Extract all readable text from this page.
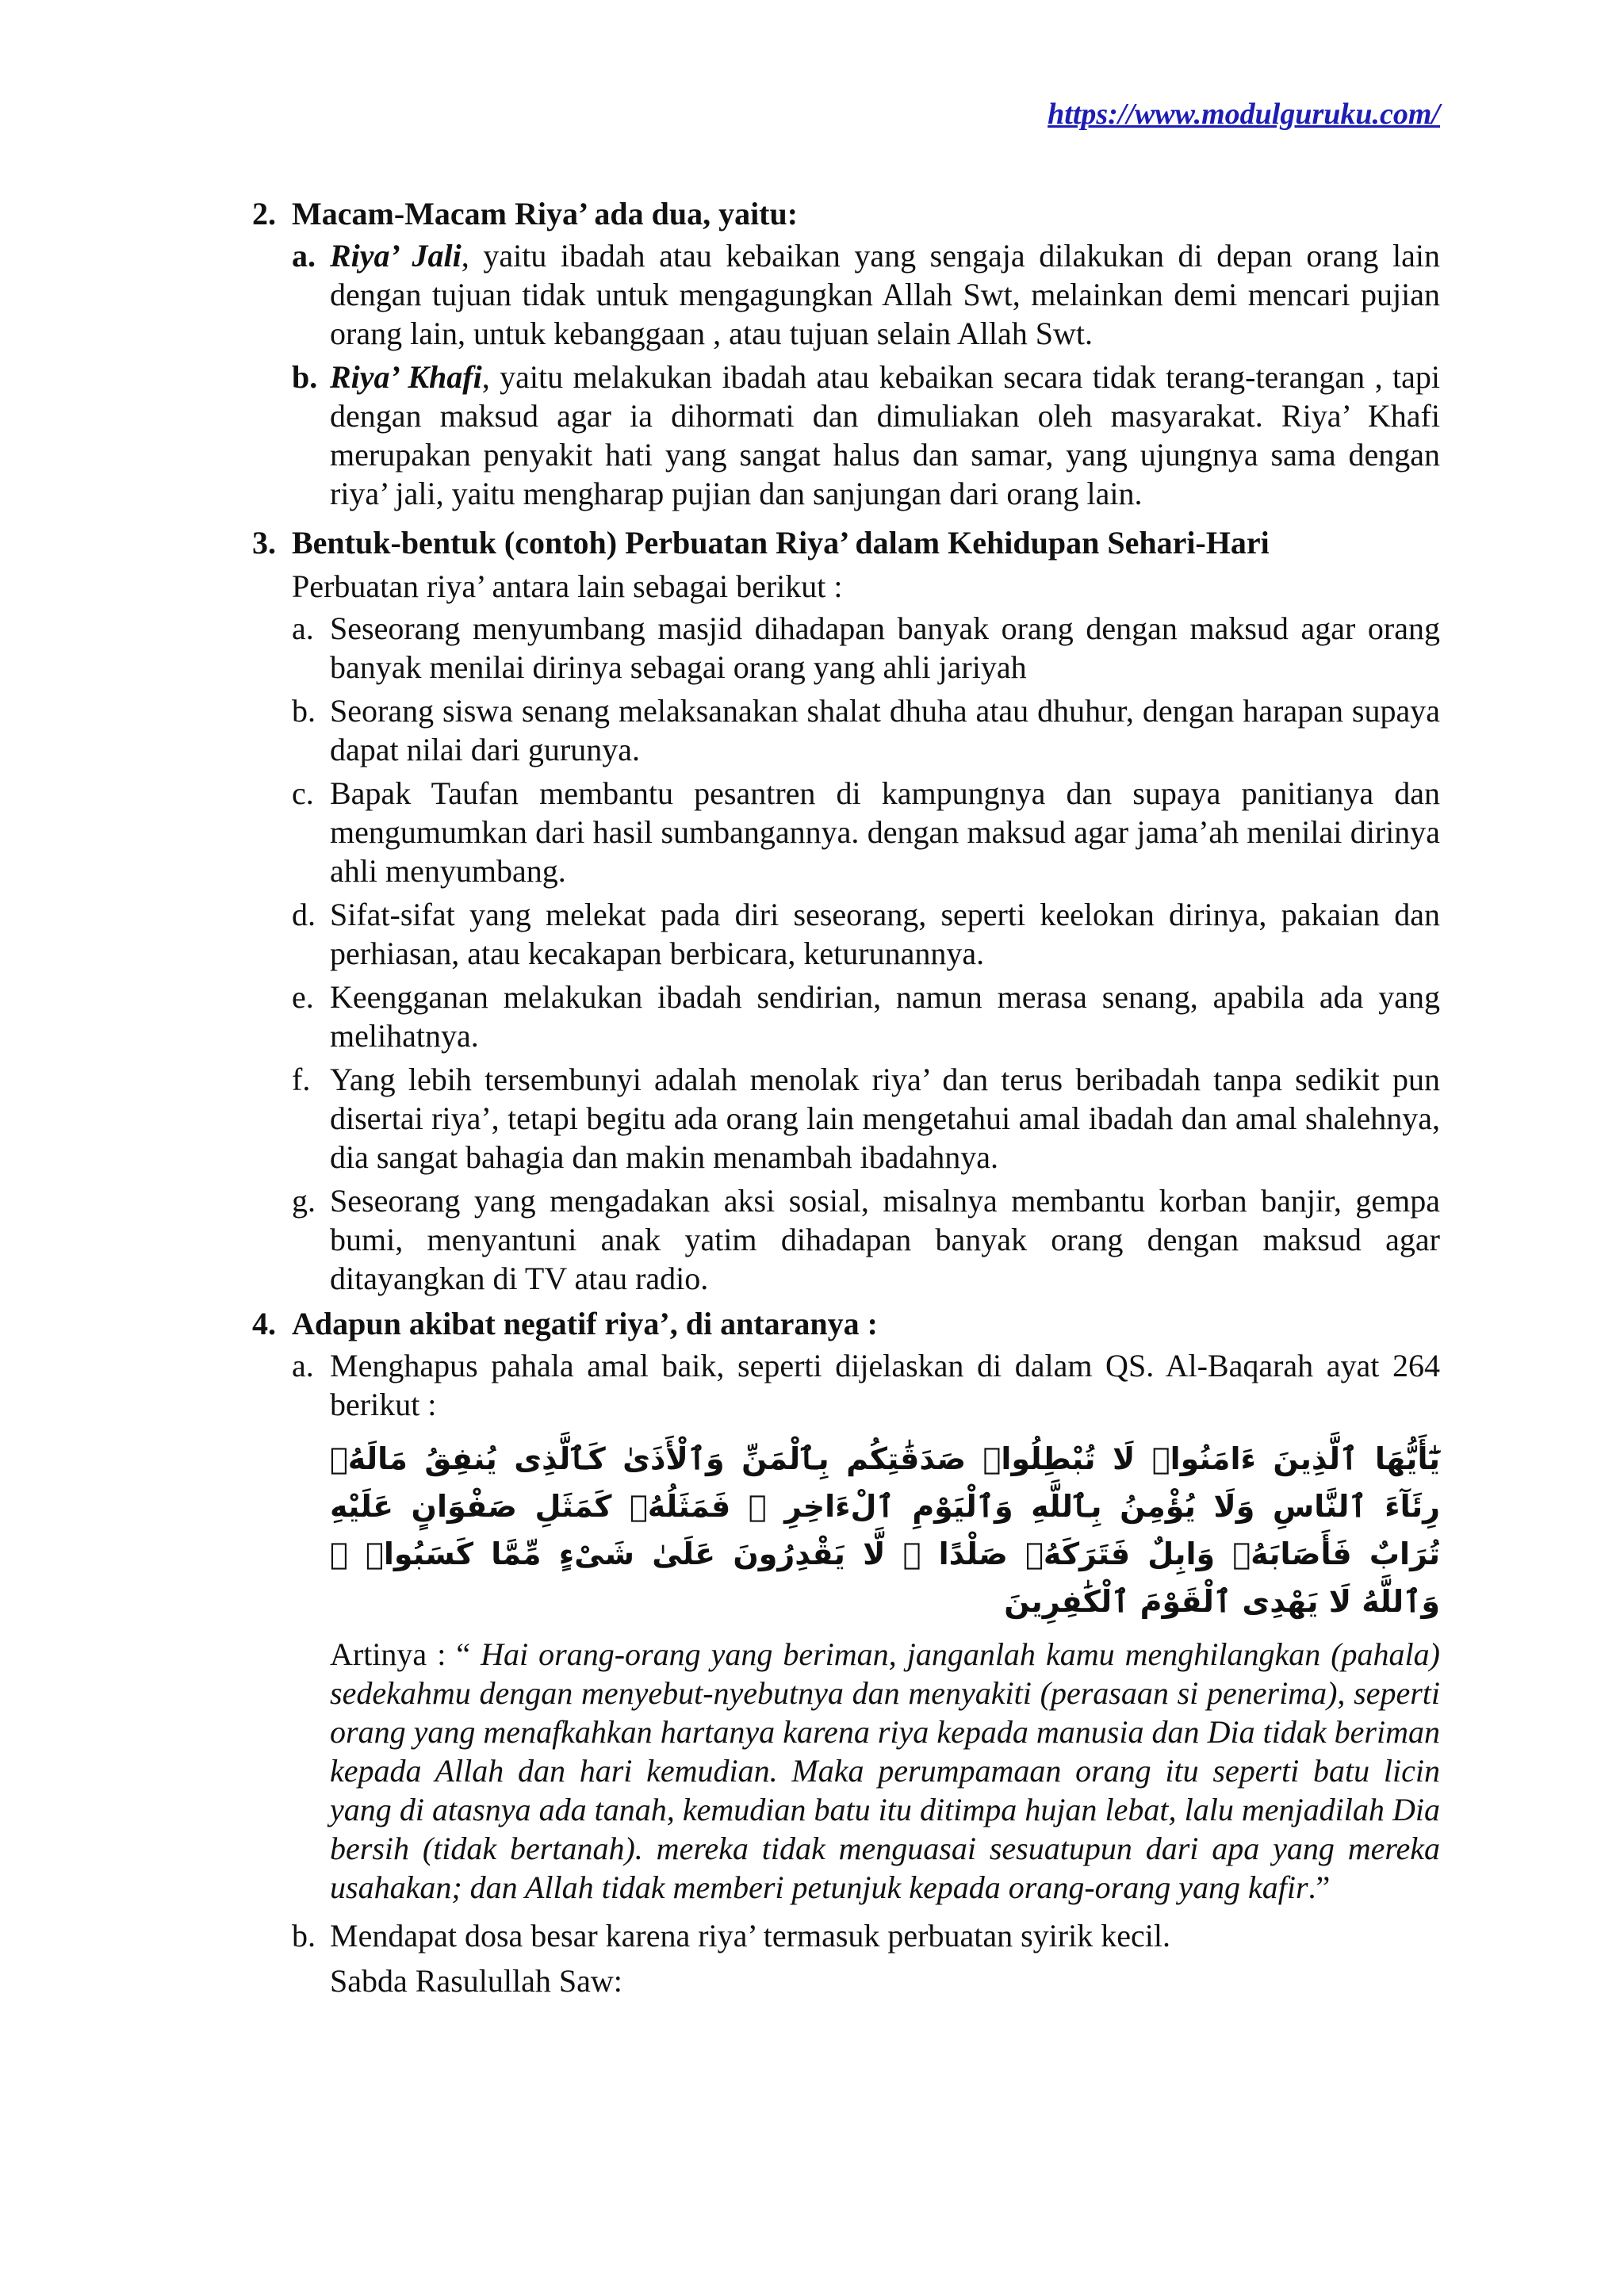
https://www.modulguruku.com/
2. Macam-Macam Riya’ ada dua, yaitu:
a. Riya’ Jali, yaitu ibadah atau kebaikan yang sengaja dilakukan di depan orang lain dengan tujuan tidak untuk mengagungkan Allah Swt, melainkan demi mencari pujian orang lain, untuk kebanggaan , atau tujuan selain Allah Swt.
b. Riya’ Khafi, yaitu melakukan ibadah atau kebaikan secara tidak terang-terangan , tapi dengan maksud agar ia dihormati dan dimuliakan oleh masyarakat. Riya’ Khafi merupakan penyakit hati yang sangat halus dan samar, yang ujungnya sama dengan riya’ jali, yaitu mengharap pujian dan sanjungan dari orang lain.
3. Bentuk-bentuk (contoh) Perbuatan Riya’ dalam Kehidupan Sehari-Hari
Perbuatan riya’ antara lain sebagai berikut :
a. Seseorang menyumbang masjid dihadapan banyak orang dengan maksud agar orang banyak menilai dirinya sebagai orang yang ahli jariyah
b. Seorang siswa senang melaksanakan shalat dhuha atau dhuhur, dengan harapan supaya dapat nilai dari gurunya.
c. Bapak Taufan membantu pesantren di kampungnya dan supaya panitianya dan mengumumkan dari hasil sumbangannya. dengan maksud agar jama’ah menilai dirinya ahli menyumbang.
d. Sifat-sifat yang melekat pada diri seseorang, seperti keelokan dirinya, pakaian dan perhiasan, atau kecakapan berbicara, keturunannya.
e. Keengganan melakukan ibadah sendirian, namun merasa senang, apabila ada yang melihatnya.
f. Yang lebih tersembunyi adalah menolak riya’ dan terus beribadah tanpa sedikit pun disertai riya’, tetapi begitu ada orang lain mengetahui amal ibadah dan amal shalehnya, dia sangat bahagia dan makin menambah ibadahnya.
g. Seseorang yang mengadakan aksi sosial, misalnya membantu korban banjir, gempa bumi, menyantuni anak yatim dihadapan banyak orang dengan maksud agar ditayangkan di TV atau radio.
4. Adapun akibat negatif riya’, di antaranya :
a. Menghapus pahala amal baik, seperti dijelaskan di dalam QS. Al-Baqarah ayat 264 berikut :
يَٰٓأَيُّهَا ٱلَّذِينَ ءَامَنُوا۟ لَا تُبْطِلُوا۟ صَدَقَٰتِكُم بِٱلْمَنِّ وَٱلْأَذَىٰ كَٱلَّذِى يُنفِقُ مَالَهُۥ رِئَآءَ ٱلنَّاسِ وَلَا يُؤْمِنُ بِٱللَّهِ وَٱلْيَوْمِ ٱلْءَاخِرِ ۖ فَمَثَلُهُۥ كَمَثَلِ صَفْوَانٍ عَلَيْهِ تُرَابٌ فَأَصَابَهُۥ وَابِلٌ فَتَرَكَهُۥ صَلْدًا ۖ لَّا يَقْدِرُونَ عَلَىٰ شَىْءٍ مِّمَّا كَسَبُوا۟ ۗ وَٱللَّهُ لَا يَهْدِى ٱلْقَوْمَ ٱلْكَٰفِرِينَ
Artinya : “ Hai orang-orang yang beriman, janganlah kamu menghilangkan (pahala) sedekahmu dengan menyebut-nyebutnya dan menyakiti (perasaan si penerima), seperti orang yang menafkahkan hartanya karena riya kepada manusia dan Dia tidak beriman kepada Allah dan hari kemudian. Maka perumpamaan orang itu seperti batu licin yang di atasnya ada tanah, kemudian batu itu ditimpa hujan lebat, lalu menjadilah Dia bersih (tidak bertanah). mereka tidak menguasai sesuatupun dari apa yang mereka usahakan; dan Allah tidak memberi petunjuk kepada orang-orang yang kafir.”
b. Mendapat dosa besar karena riya’ termasuk perbuatan syirik kecil.
Sabda Rasulullah Saw:
